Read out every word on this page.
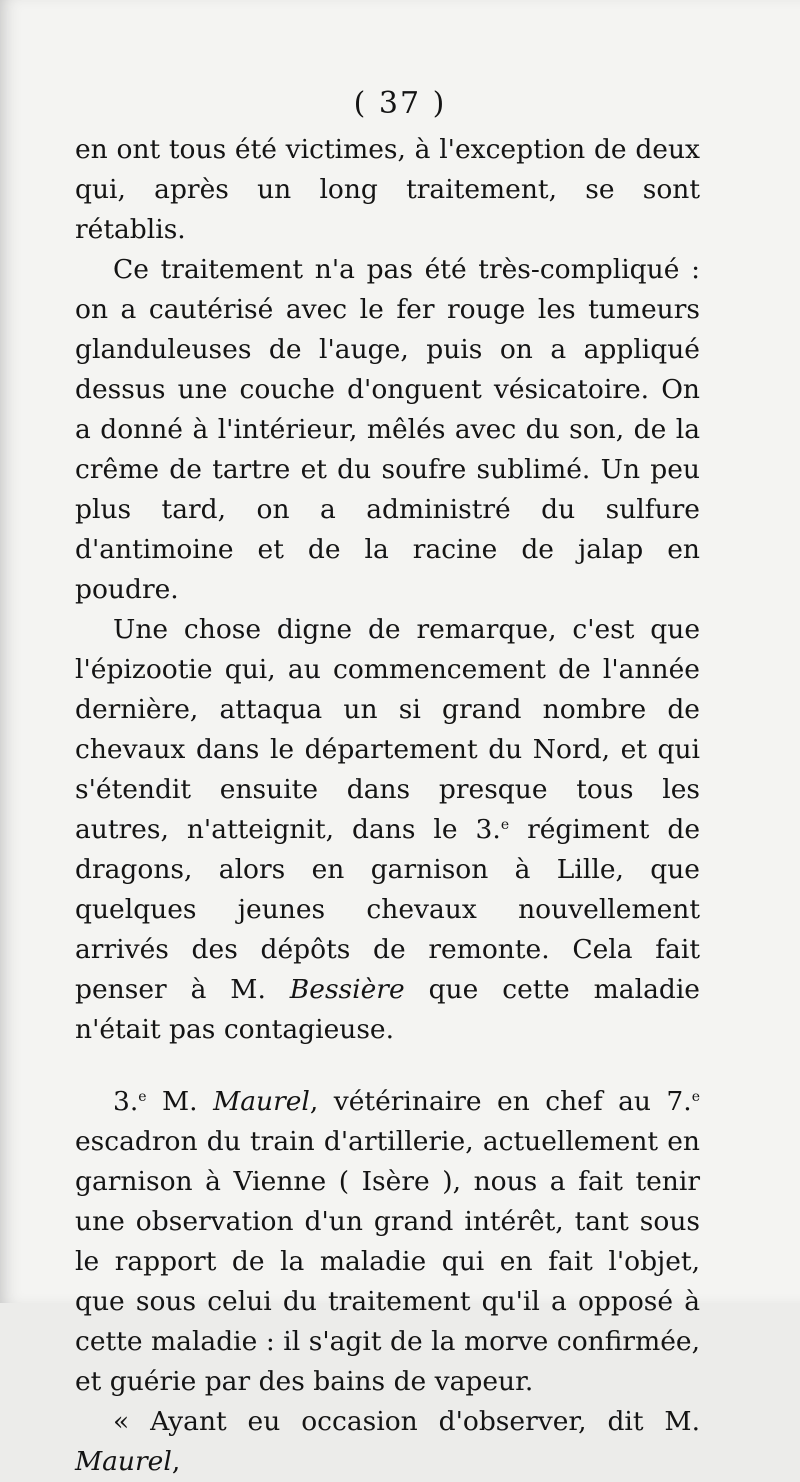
( 37 )

en ont tous été victimes, à l'exception de deux qui, après un long traitement, se sont rétablis.

Ce traitement n'a pas été très-compliqué : on a cautérisé avec le fer rouge les tumeurs glanduleuses de l'auge, puis on a appliqué dessus une couche d'onguent vésicatoire. On a donné à l'intérieur, mêlés avec du son, de la crême de tartre et du soufre sublimé. Un peu plus tard, on a administré du sulfure d'antimoine et de la racine de jalap en poudre.

Une chose digne de remarque, c'est que l'épizootie qui, au commencement de l'année dernière, attaqua un si grand nombre de chevaux dans le département du Nord, et qui s'étendit ensuite dans presque tous les autres, n'atteignit, dans le 3.$^e$ régiment de dragons, alors en garnison à Lille, que quelques jeunes chevaux nouvellement arrivés des dépôts de remonte. Cela fait penser à M. Bessière que cette maladie n'était pas contagieuse.

3.$^e$ M. Maurel, vétérinaire en chef au 7.$^e$ escadron du train d'artillerie, actuellement en garnison à Vienne ( Isère ), nous a fait tenir une observation d'un grand intérêt, tant sous le rapport de la maladie qui en fait l'objet, que sous celui du traitement qu'il a opposé à cette maladie : il s'agit de la morve confirmée, et guérie par des bains de vapeur.

« Ayant eu occasion d'observer, dit M. Maurel,
